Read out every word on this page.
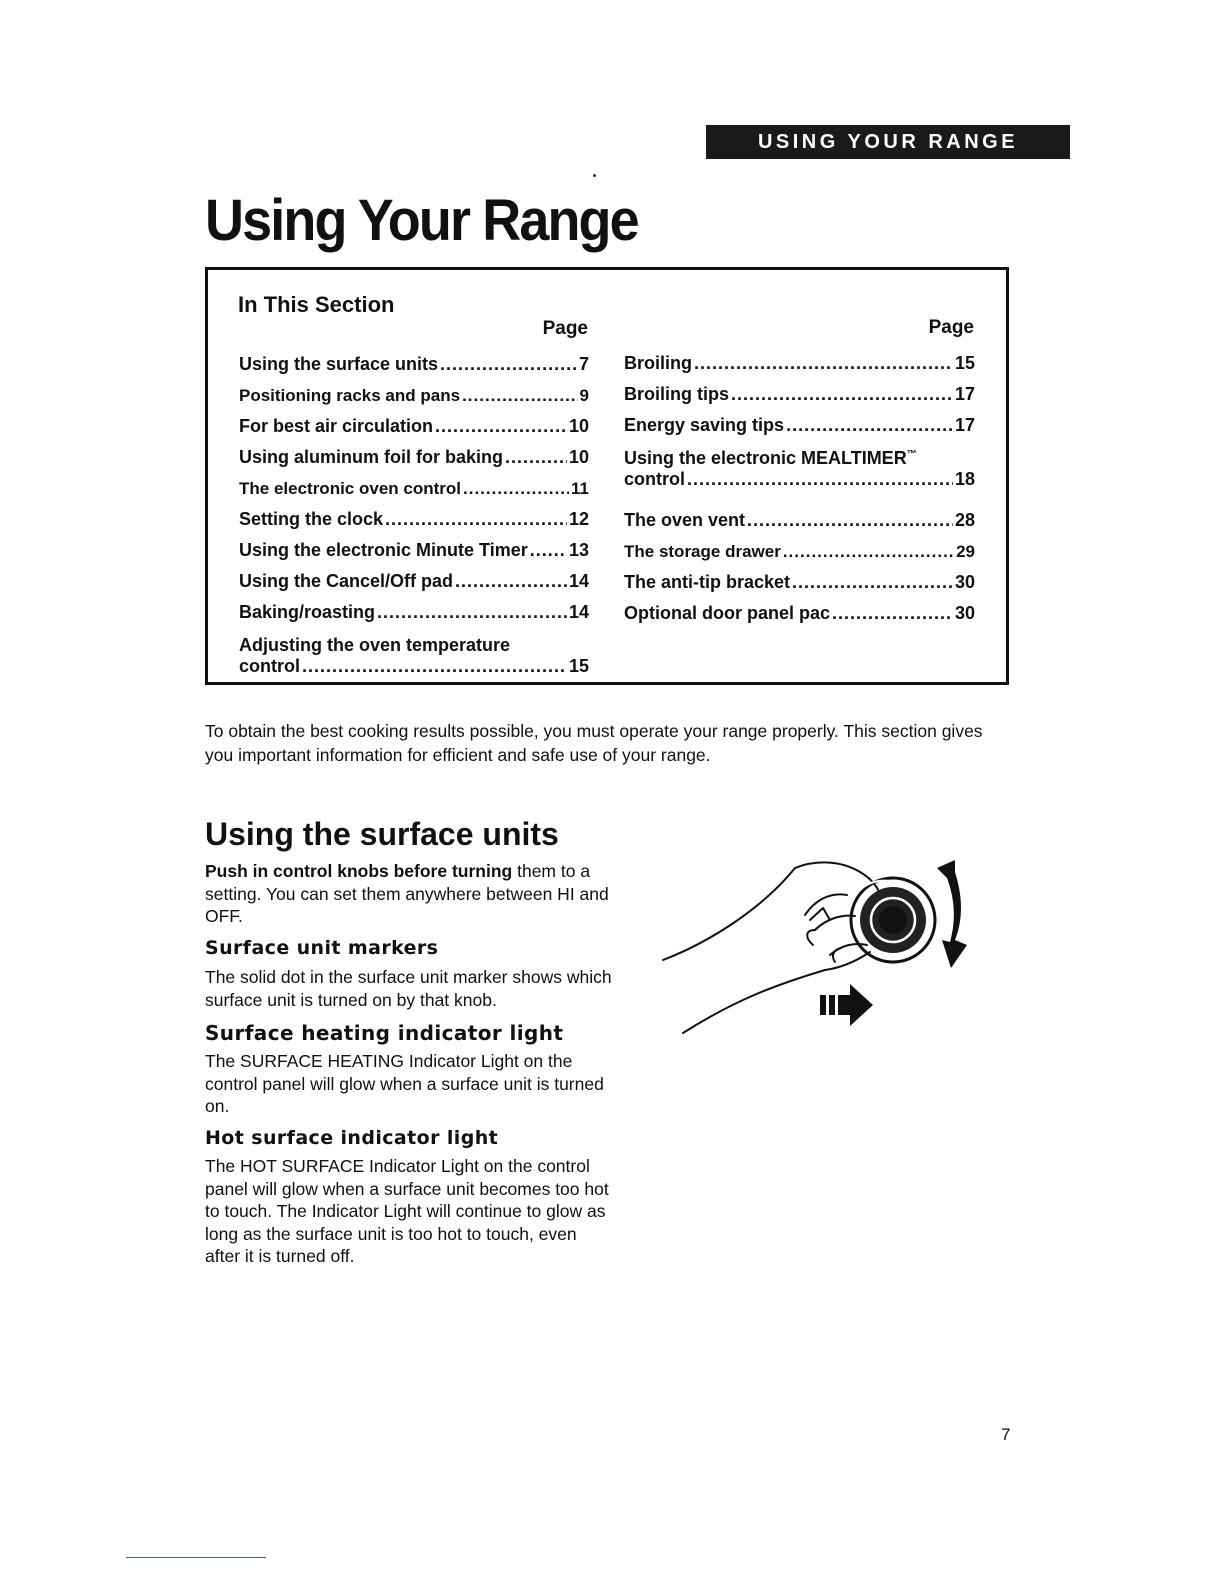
USING YOUR RANGE
Using Your Range
In This Section
Page	Page
Using the surface units .....	7
Positioning racks and pans .....	9
For best air circulation .....	10
Using aluminum foil for baking .....	10
The electronic oven control .....	11
Setting the clock .....	12
Using the electronic Minute Timer ..... 13
Using the Cancel/Off pad .....	14
Baking/roasting .....	14
Adjusting the oven temperature
control .....	15
Broiling .....	15
Broiling tips .....	17
Energy saving tips .....	17
Using the electronic MEALTIMER™
control .....	18
The oven vent .....	28
The storage drawer .....	29
The anti-tip bracket .....	30
Optional door panel pac .....	30
To obtain the best cooking results possible, you must operate your range properly. This section gives you important information for efficient and safe use of your range.
Using the surface units
Push in control knobs before turning them to a setting. You can set them anywhere between HI and OFF.
Surface unit markers
The solid dot in the surface unit marker shows which surface unit is turned on by that knob.
Surface heating indicator light
The SURFACE HEATING Indicator Light on the control panel will glow when a surface unit is turned on.
Hot surface indicator light
The HOT SURFACE Indicator Light on the control panel will glow when a surface unit becomes too hot to touch. The Indicator Light will continue to glow as long as the surface unit is too hot to touch, even after it is turned off.
7
